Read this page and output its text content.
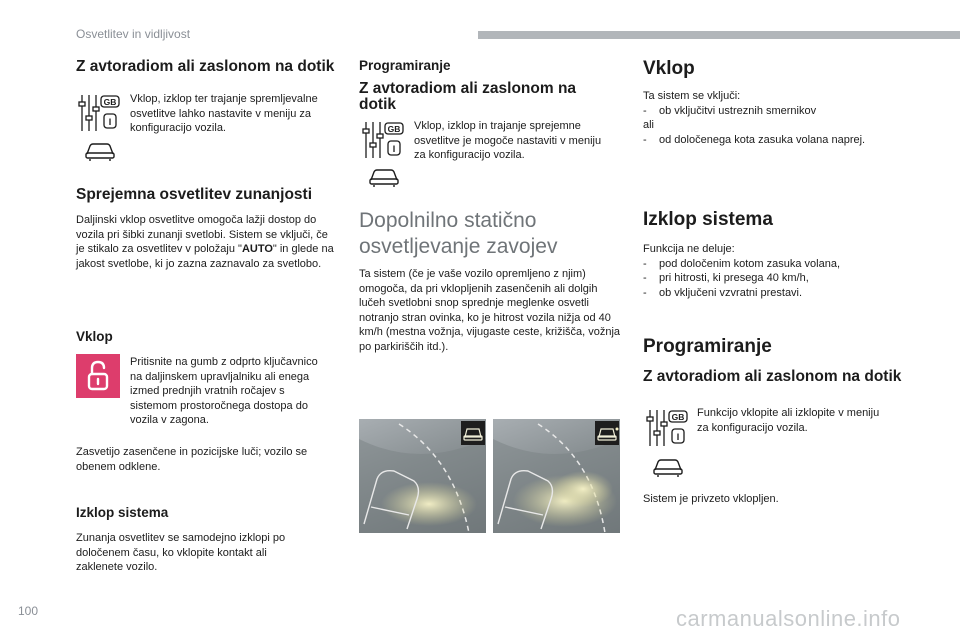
Osvetlitev in vidljivost
Z avtoradiom ali zaslonom na dotik
GB
I
Vklop, izklop ter trajanje spremljevalne osvetlitve lahko nastavite v meniju za konfiguracijo vozila.
Sprejemna osvetlitev zunanjosti
Daljinski vklop osvetlitve omogoča lažji dostop do vozila pri šibki zunanji svetlobi. Sistem se vključi, če je stikalo za osvetlitev v položaju "AUTO" in glede na jakost svetlobe, ki jo zazna zaznavalo za svetlobo.
Vklop
Pritisnite na gumb z odprto ključavnico na daljinskem upravljalniku ali enega izmed prednjih vratnih ročajev s sistemom prostoročnega dostopa do vozila v zagona.
Zasvetijo zasenčene in pozicijske luči; vozilo se obenem odklene.
Izklop sistema
Zunanja osvetlitev se samodejno izklopi po določenem času, ko vklopite kontakt ali zaklenete vozilo.
Programiranje
Z avtoradiom ali zaslonom na dotik
GB
I
Vklop, izklop in trajanje sprejemne osvetlitve je mogoče nastaviti v meniju za konfiguracijo vozila.
Dopolnilno statično osvetljevanje zavojev
Ta sistem (če je vaše vozilo opremljeno z njim) omogoča, da pri vklopljenih zasenčenih ali dolgih lučeh svetlobni snop sprednje meglenke osvetli notranjo stran ovinka, ko je hitrost vozila nižja od 40 km/h (mestna vožnja, vijugaste ceste, križišča, vožnja po parkiriščih itd.).
Vklop
Ta sistem se vključi:
- ob vključitvi ustreznih smernikov
ali
- od določenega kota zasuka volana naprej.
Izklop sistema
Funkcija ne deluje:
- pod določenim kotom zasuka volana,
- pri hitrosti, ki presega 40 km/h,
- ob vključeni vzvratni prestavi.
Programiranje
Z avtoradiom ali zaslonom na dotik
GB
I
Funkcijo vklopite ali izklopite v meniju za konfiguracijo vozila.
Sistem je privzeto vklopljen.
100	carmanualsonline.info
